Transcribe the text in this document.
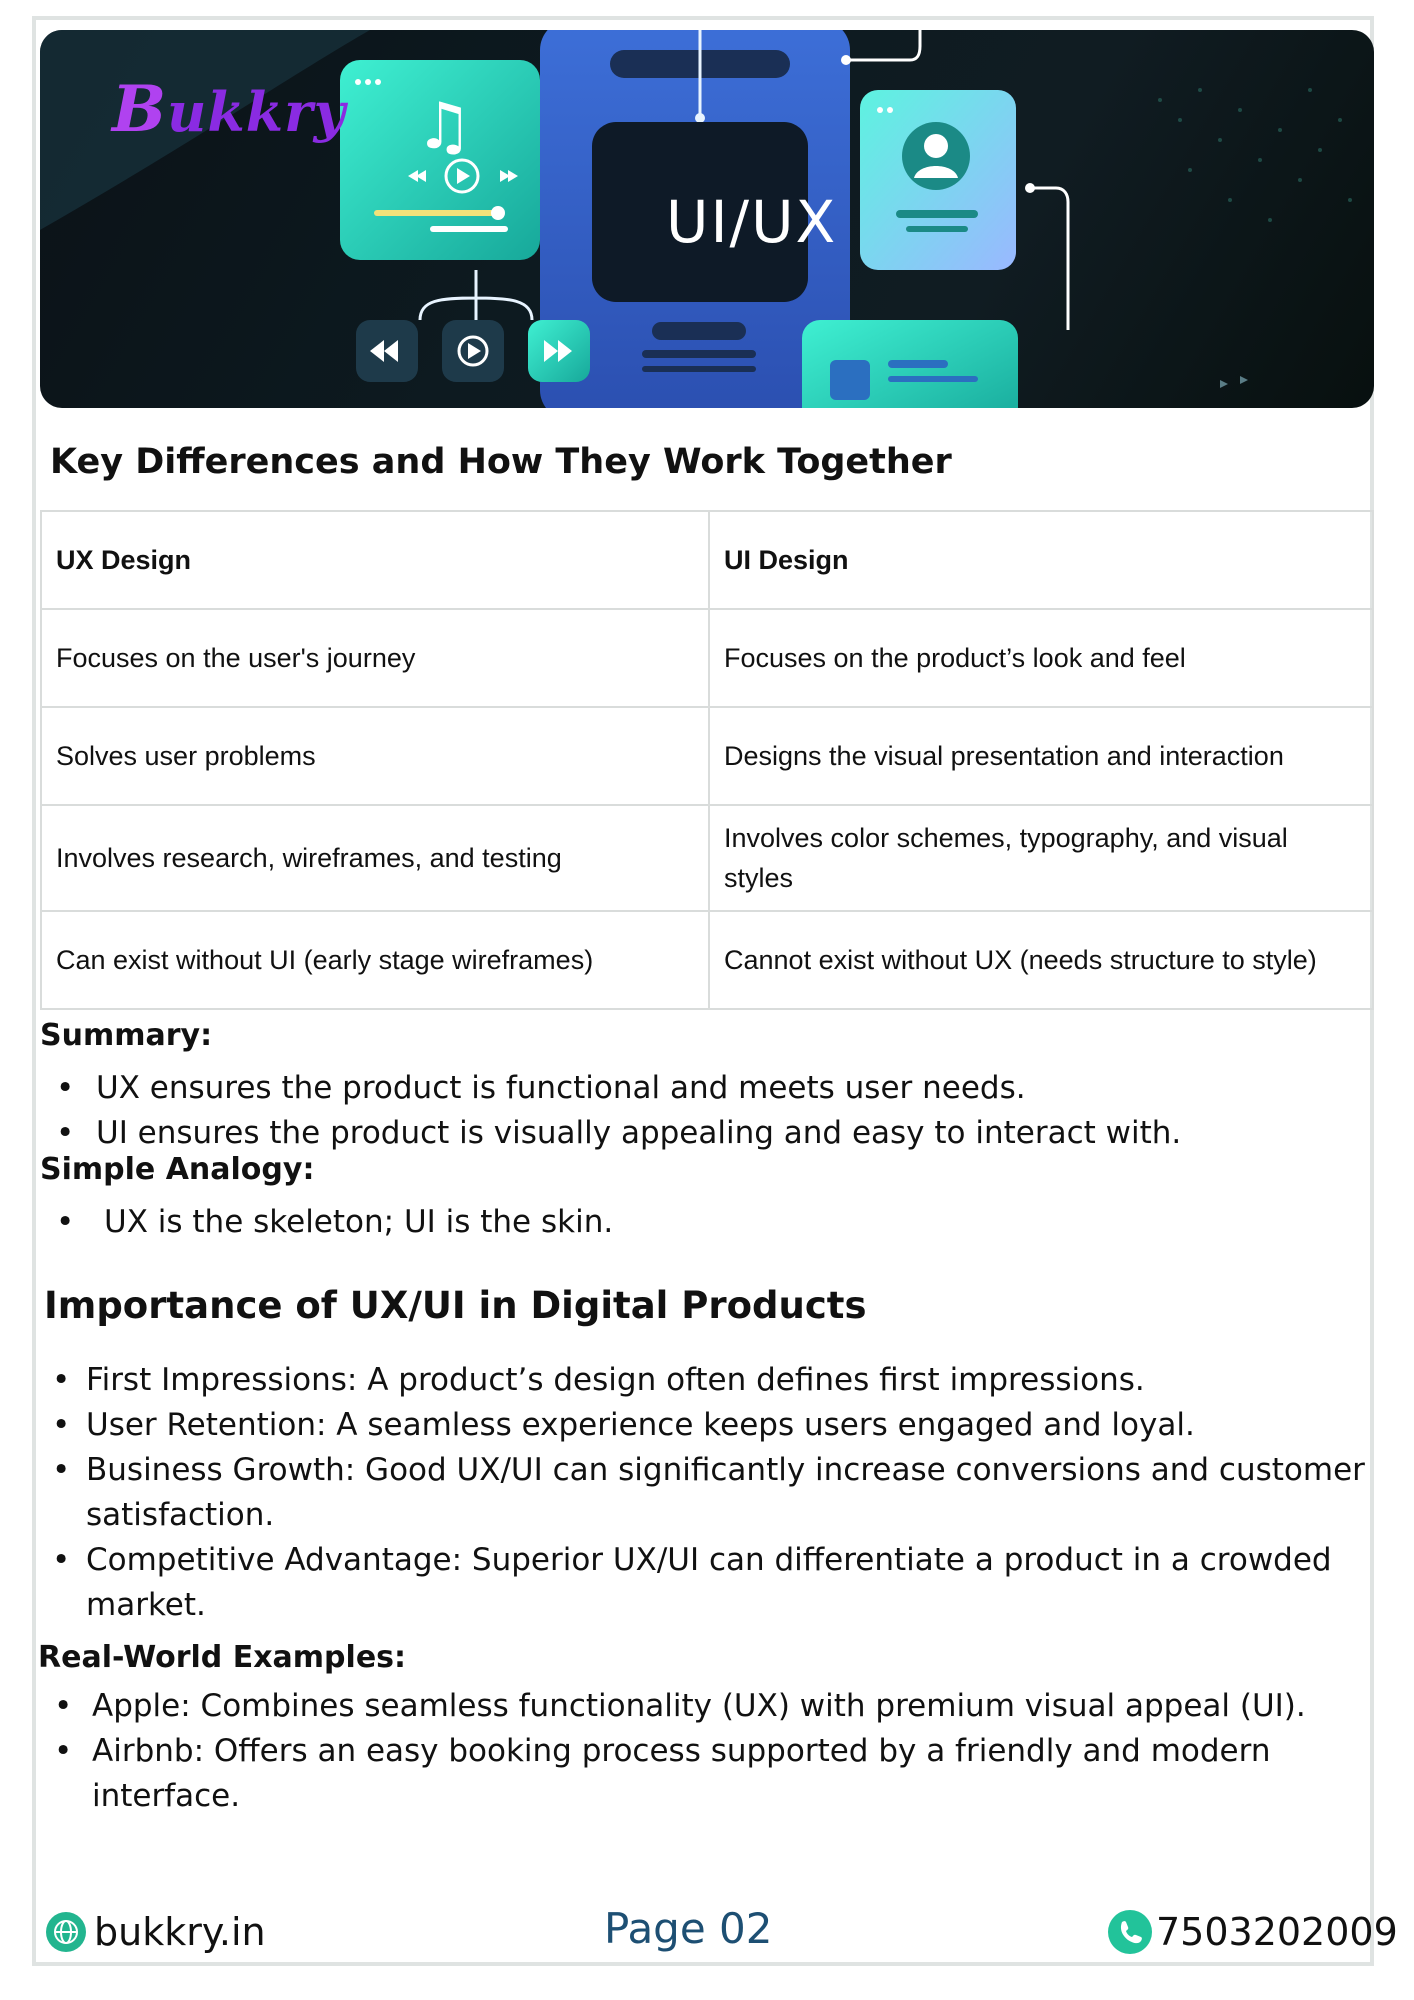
♫
Bukkry
UI/UX
Key Differences and How They Work Together
UX Design	UI Design
Focuses on the user's journey	Focuses on the product’s look and feel
Solves user problems	Designs the visual presentation and interaction
Involves research, wireframes, and testing	Involves color schemes, typography, and visual styles
Can exist without UI (early stage wireframes)	Cannot exist without UX (needs structure to style)
Summary:
• UX ensures the product is functional and meets user needs.
• UI ensures the product is visually appealing and easy to interact with.
Simple Analogy:
• UX is the skeleton; UI is the skin.
Importance of UX/UI in Digital Products
• First Impressions: A product’s design often defines first impressions.
• User Retention: A seamless experience keeps users engaged and loyal.
• Business Growth: Good UX/UI can significantly increase conversions and customer satisfaction.
• Competitive Advantage: Superior UX/UI can differentiate a product in a crowded market.
Real-World Examples:
• Apple: Combines seamless functionality (UX) with premium visual appeal (UI).
• Airbnb: Offers an easy booking process supported by a friendly and modern interface.
bukkry.in	Page 02	7503202009
